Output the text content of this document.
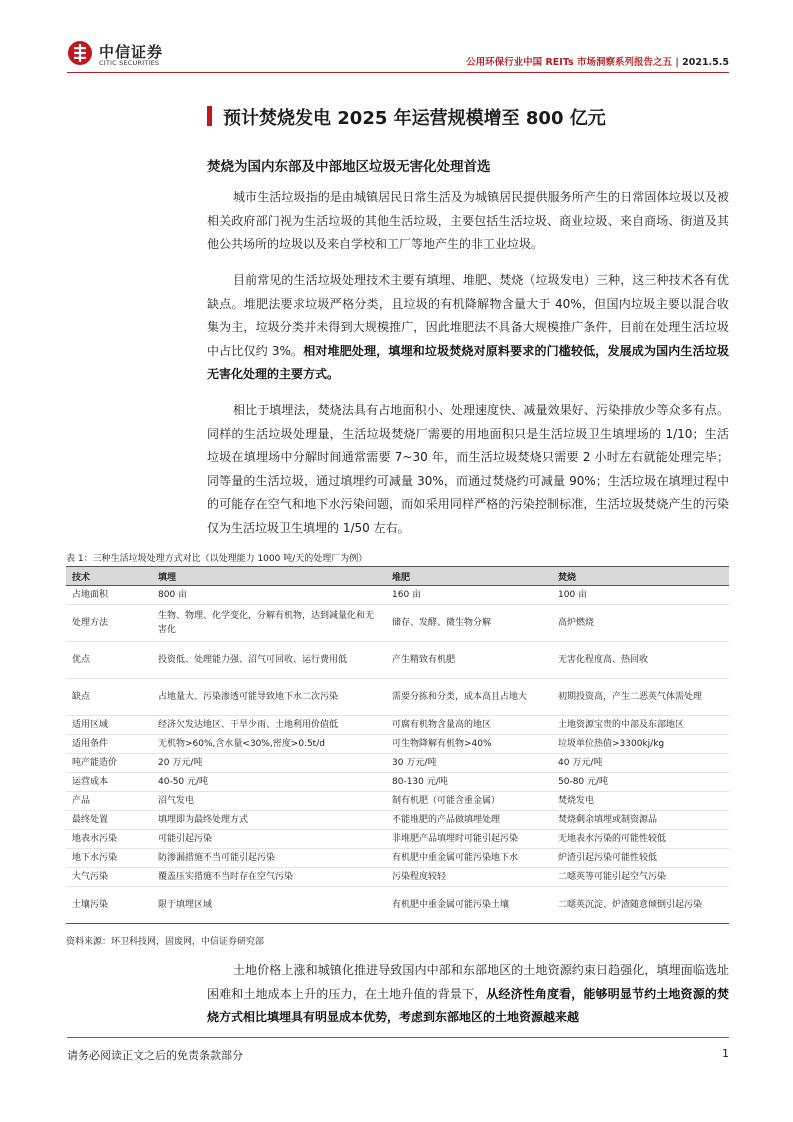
中信证券
CITIC SECURITIES	公用环保行业中国 REITs 市场洞察系列报告之五 | 2021.5.5
预计焚烧发电 2025 年运营规模增至 800 亿元
焚烧为国内东部及中部地区垃圾无害化处理首选
城市生活垃圾指的是由城镇居民日常生活及为城镇居民提供服务所产生的日常固体垃圾以及被相关政府部门视为生活垃圾的其他生活垃圾，主要包括生活垃圾、商业垃圾、来自商场、街道及其他公共场所的垃圾以及来自学校和工厂等地产生的非工业垃圾。
目前常见的生活垃圾处理技术主要有填埋、堆肥、焚烧（垃圾发电）三种，这三种技术各有优缺点。堆肥法要求垃圾严格分类，且垃圾的有机降解物含量大于 40%，但国内垃圾主要以混合收集为主，垃圾分类并未得到大规模推广，因此堆肥法不具备大规模推广条件，目前在处理生活垃圾中占比仅约 3%。相对堆肥处理，填埋和垃圾焚烧对原料要求的门槛较低，发展成为国内生活垃圾无害化处理的主要方式。
相比于填埋法，焚烧法具有占地面积小、处理速度快、减量效果好、污染排放少等众多有点。同样的生活垃圾处理量，生活垃圾焚烧厂需要的用地面积只是生活垃圾卫生填埋场的 1/10；生活垃圾在填埋场中分解时间通常需要 7~30 年，而生活垃圾焚烧只需要 2 小时左右就能处理完毕；同等量的生活垃圾，通过填埋约可减量 30%，而通过焚烧约可减量 90%；生活垃圾在填埋过程中的可能存在空气和地下水污染问题，而如采用同样严格的污染控制标准，生活垃圾焚烧产生的污染仅为生活垃圾卫生填埋的 1/50 左右。
表 1：三种生活垃圾处理方式对比（以处理能力 1000 吨/天的处理厂为例）
技术	填埋	堆肥	焚烧
占地面积	800 亩	160 亩	100 亩
处理方法	生物、物理、化学变化，分解有机物，达到减量化和无害化	储存、发酵、微生物分解	高炉燃烧
优点	投资低、处理能力强、沼气可回收、运行费用低	产生精致有机肥	无害化程度高、热回收
缺点	占地量大、污染渗透可能导致地下水二次污染	需要分拣和分类，成本高且占地大	初期投资高，产生二恶英气体需处理
适用区域	经济欠发达地区、干旱少雨、土地利用价值低	可腐有机物含量高的地区	土地资源宝贵的中部及东部地区
适用条件	无机物>60%,含水量<30%,密度>0.5t/d	可生物降解有机物>40%	垃圾单位热值>3300kj/kg
吨产能造价	20 万元/吨	30 万元/吨	40 万元/吨
运营成本	40-50 元/吨	80-130 元/吨	50-80 元/吨
产品	沼气发电	制有机肥（可能含重金属）	焚烧发电
最终处置	填埋即为最终处理方式	不能堆肥的产品做填埋处理	焚烧剩余填埋或制资源品
地表水污染	可能引起污染	非堆肥产品填埋时可能引起污染	无地表水污染的可能性较低
地下水污染	防渗漏措施不当可能引起污染	有机肥中重金属可能污染地下水	炉渣引起污染可能性较低
大气污染	覆盖压实措施不当时存在空气污染	污染程度较轻	二噁英等可能引起空气污染
土壤污染	限于填埋区域	有机肥中重金属可能污染土壤	二噁英沉淀、炉渣随意倾倒引起污染
资料来源：环卫科技网，固废网，中信证券研究部
土地价格上涨和城镇化推进导致国内中部和东部地区的土地资源约束日趋强化，填埋面临选址困难和土地成本上升的压力，在土地升值的背景下，从经济性角度看，能够明显节约土地资源的焚烧方式相比填埋具有明显成本优势，考虑到东部地区的土地资源越来越
请务必阅读正文之后的免责条款部分	1
